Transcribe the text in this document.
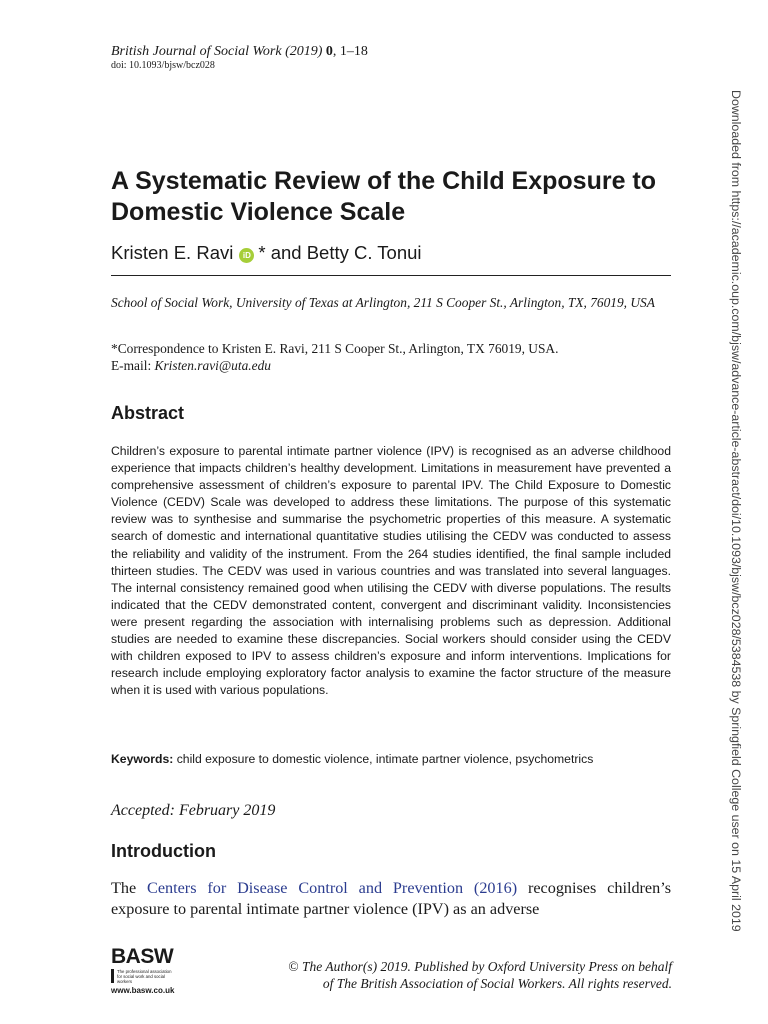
British Journal of Social Work (2019) 0, 1–18
doi: 10.1093/bjsw/bcz028
Downloaded from https://academic.oup.com/bjsw/advance-article-abstract/doi/10.1093/bjsw/bcz028/5384538 by Springfield College user on 15 April 2019
A Systematic Review of the Child Exposure to Domestic Violence Scale
Kristen E. Ravi iD * and Betty C. Tonui
School of Social Work, University of Texas at Arlington, 211 S Cooper St., Arlington, TX, 76019, USA
*Correspondence to Kristen E. Ravi, 211 S Cooper St., Arlington, TX 76019, USA.
E-mail: Kristen.ravi@uta.edu
Abstract

Children’s exposure to parental intimate partner violence (IPV) is recognised as an adverse childhood experience that impacts children’s healthy development. Limitations in measurement have prevented a comprehensive assessment of children’s exposure to parental IPV. The Child Exposure to Domestic Violence (CEDV) Scale was developed to address these limitations. The purpose of this systematic review was to synthesise and summarise the psychometric properties of this measure. A systematic search of domestic and international quantitative studies utilising the CEDV was conducted to assess the reliability and validity of the instrument. From the 264 studies identified, the final sample included thirteen studies. The CEDV was used in various countries and was translated into several languages. The internal consistency remained good when utilising the CEDV with diverse populations. The results indicated that the CEDV demonstrated content, convergent and discriminant validity. Inconsistencies were present regarding the association with internalising problems such as depression. Additional studies are needed to examine these discrepancies. Social workers should consider using the CEDV with children exposed to IPV to assess children’s exposure and inform interventions. Implications for research include employing exploratory factor analysis to examine the factor structure of the measure when it is used with various populations.

Keywords: child exposure to domestic violence, intimate partner violence, psychometrics
Accepted: February 2019
Introduction

The Centers for Disease Control and Prevention (2016) recognises children’s exposure to parental intimate partner violence (IPV) as an adverse

BASW
The professional association for social work and social workers
www.basw.co.uk
© The Author(s) 2019. Published by Oxford University Press on behalf
of The British Association of Social Workers. All rights reserved.
